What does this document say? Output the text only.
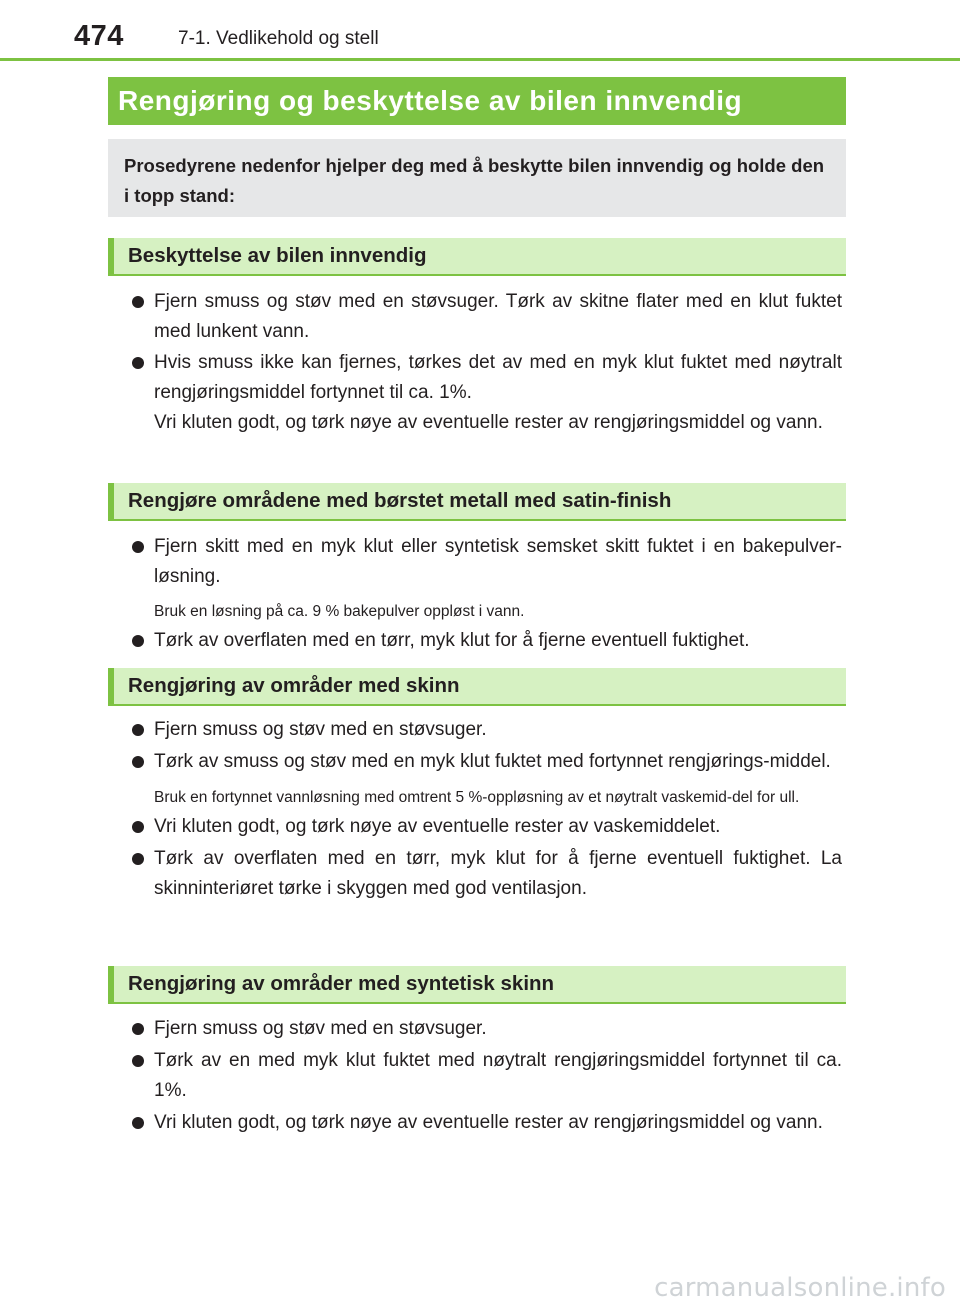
474	7-1. Vedlikehold og stell
Rengjøring og beskyttelse av bilen innvendig
Prosedyrene nedenfor hjelper deg med å beskytte bilen innvendig og holde den i topp stand:
Beskyttelse av bilen innvendig
Fjern smuss og støv med en støvsuger. Tørk av skitne flater med en klut fuktet med lunkent vann.
Hvis smuss ikke kan fjernes, tørkes det av med en myk klut fuktet med nøytralt rengjøringsmiddel fortynnet til ca. 1%.
Vri kluten godt, og tørk nøye av eventuelle rester av rengjøringsmiddel og vann.
Rengjøre områdene med børstet metall med satin-finish
Fjern skitt med en myk klut eller syntetisk semsket skitt fuktet i en bakepulver-løsning.
Bruk en løsning på ca. 9 % bakepulver oppløst i vann.
Tørk av overflaten med en tørr, myk klut for å fjerne eventuell fuktighet.
Rengjøring av områder med skinn
Fjern smuss og støv med en støvsuger.
Tørk av smuss og støv med en myk klut fuktet med fortynnet rengjørings-middel.
Bruk en fortynnet vannløsning med omtrent 5 %-oppløsning av et nøytralt vaskemid-del for ull.
Vri kluten godt, og tørk nøye av eventuelle rester av vaskemiddelet.
Tørk av overflaten med en tørr, myk klut for å fjerne eventuell fuktighet. La skinninteriøret tørke i skyggen med god ventilasjon.
Rengjøring av områder med syntetisk skinn
Fjern smuss og støv med en støvsuger.
Tørk av en med myk klut fuktet med nøytralt rengjøringsmiddel fortynnet til ca. 1%.
Vri kluten godt, og tørk nøye av eventuelle rester av rengjøringsmiddel og vann.
carmanualsonline.info
